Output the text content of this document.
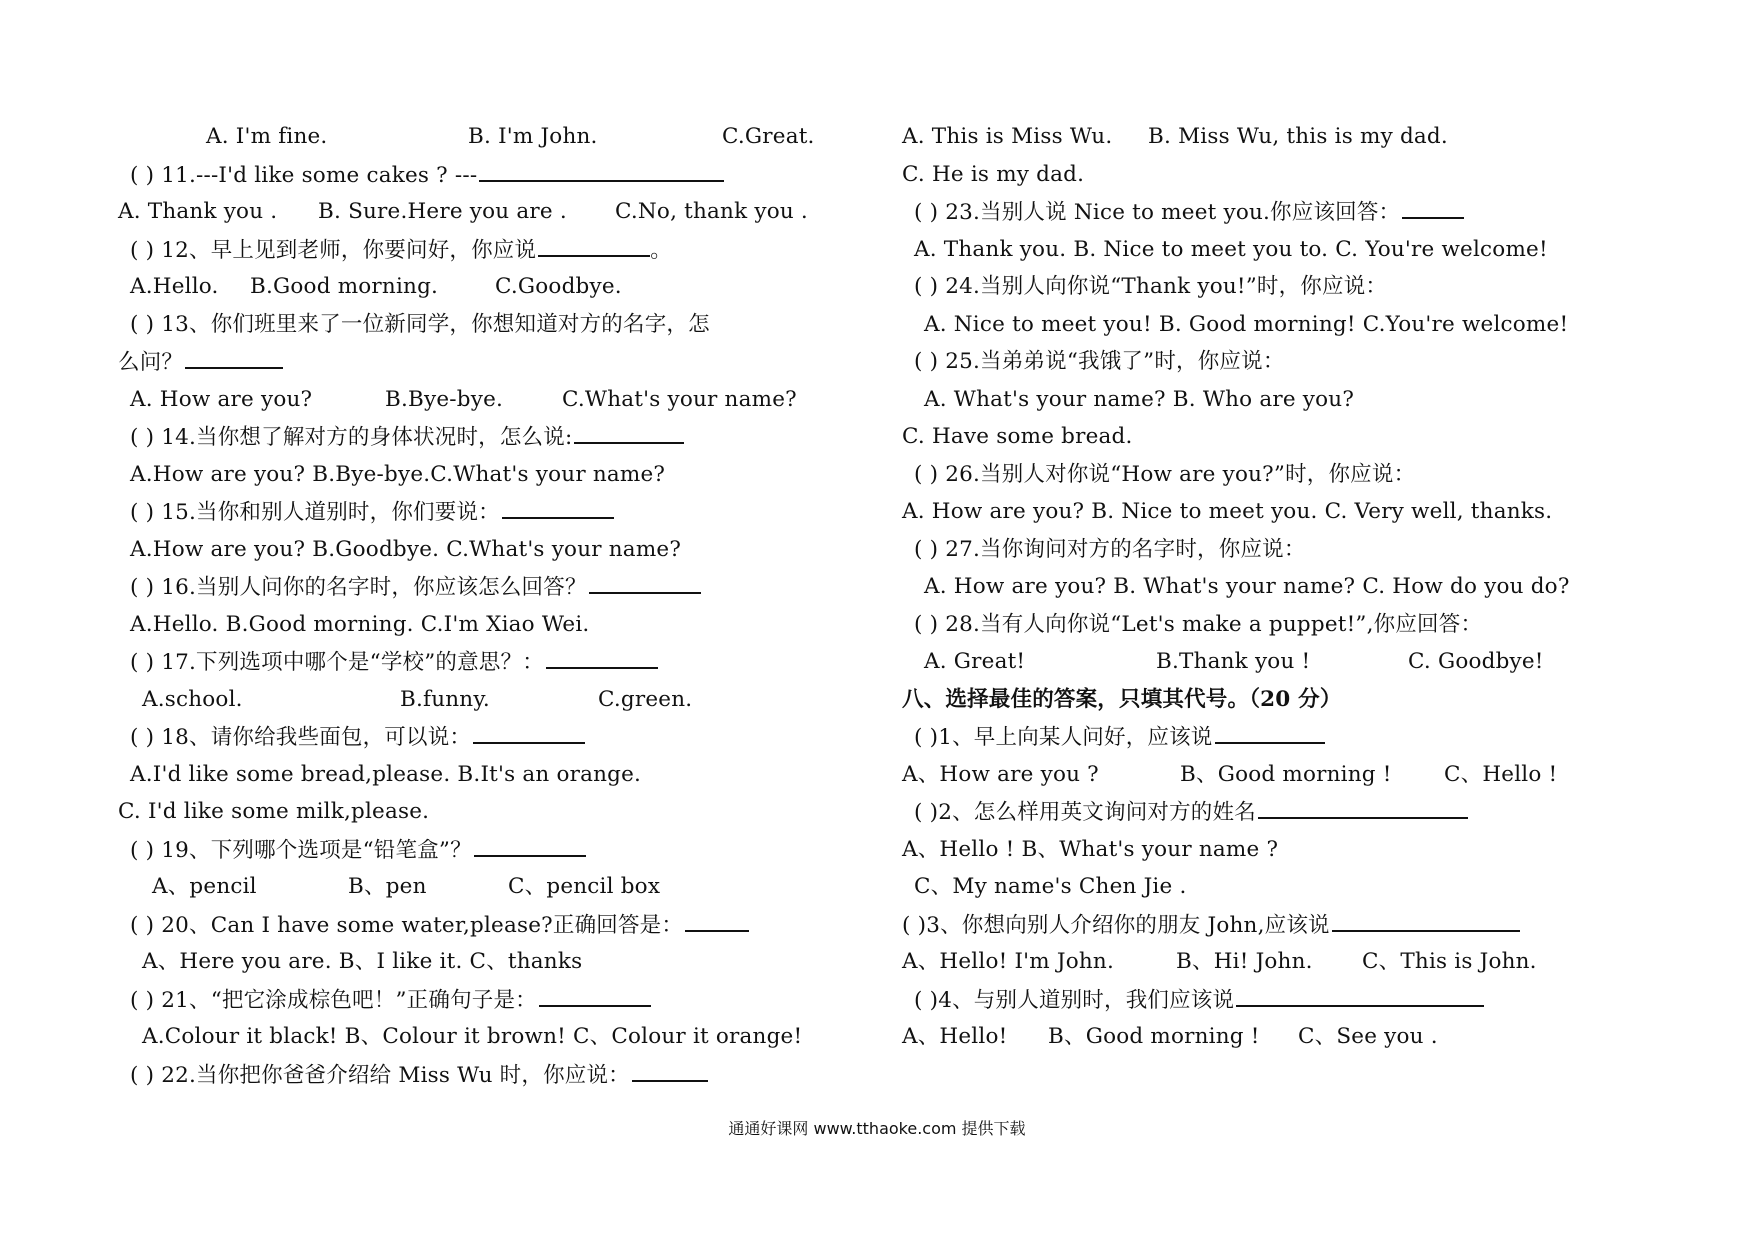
A. I'm fine.	B. I'm John.	C.Great.
( ) 11.---I'd like some cakes ? ---
A. Thank you . B. Sure.Here you are . C.No, thank you .
( ) 12、早上见到老师，你要问好，你应说	。
A.Hello. B.Good morning.	C.Goodbye.
( ) 13、你们班里来了一位新同学，你想知道对方的名字，怎
么问？
A. How are you?	B.Bye-bye.	C.What's your name?
( ) 14.当你想了解对方的身体状况时，怎么说:
A.How are you? B.Bye-bye.C.What's your name?
( ) 15.当你和别人道别时，你们要说：
A.How are you? B.Goodbye. C.What's your name?
( ) 16.当别人问你的名字时，你应该怎么回答？
A.Hello. B.Good morning. C.I'm Xiao Wei.
( ) 17.下列选项中哪个是“学校”的意思？：
A.school.	B.funny.	C.green.
( ) 18、请你给我些面包，可以说：
A.I'd like some bread,please. B.It's an orange.
C. I'd like some milk,please.
( ) 19、下列哪个选项是“铅笔盒”？
A、pencil	B、pen	C、pencil box
( ) 20、Can I have some water,please?正确回答是：
A、Here you are. B、I like it. C、thanks
( ) 21、“把它涂成棕色吧！”正确句子是：
A.Colour it black! B、Colour it brown! C、Colour it orange!
( ) 22.当你把你爸爸介绍给 Miss Wu 时，你应说：
A. This is Miss Wu. B. Miss Wu, this is my dad.
C. He is my dad.
( ) 23.当别人说 Nice to meet you.你应该回答：
A. Thank you. B. Nice to meet you to. C. You're welcome!
( ) 24.当别人向你说“Thank you!”时，你应说：
A. Nice to meet you! B. Good morning! C.You're welcome!
( ) 25.当弟弟说“我饿了”时，你应说：
A. What's your name? B. Who are you?
C. Have some bread.
( ) 26.当别人对你说“How are you?”时，你应说：
A. How are you? B. Nice to meet you. C. Very well, thanks.
( ) 27.当你询问对方的名字时，你应说：
A. How are you? B. What's your name? C. How do you do?
( ) 28.当有人向你说“Let's make a puppet!”,你应回答：
A. Great!	B.Thank you !	C. Goodbye!
八、选择最佳的答案，只填其代号。（20 分）
( )1、早上向某人问好，应该说
A、How are you ?	B、Good morning ! C、Hello !
( )2、怎么样用英文询问对方的姓名
A、Hello ! B、What's your name ?
C、My name's Chen Jie .
( )3、你想向别人介绍你的朋友 John,应该说
A、Hello! I'm John.	B、Hi! John. C、This is John.
( )4、与别人道别时，我们应该说
A、Hello! B、Good morning ! C、See you .
通通好课网 www.tthaoke.com 提供下载
